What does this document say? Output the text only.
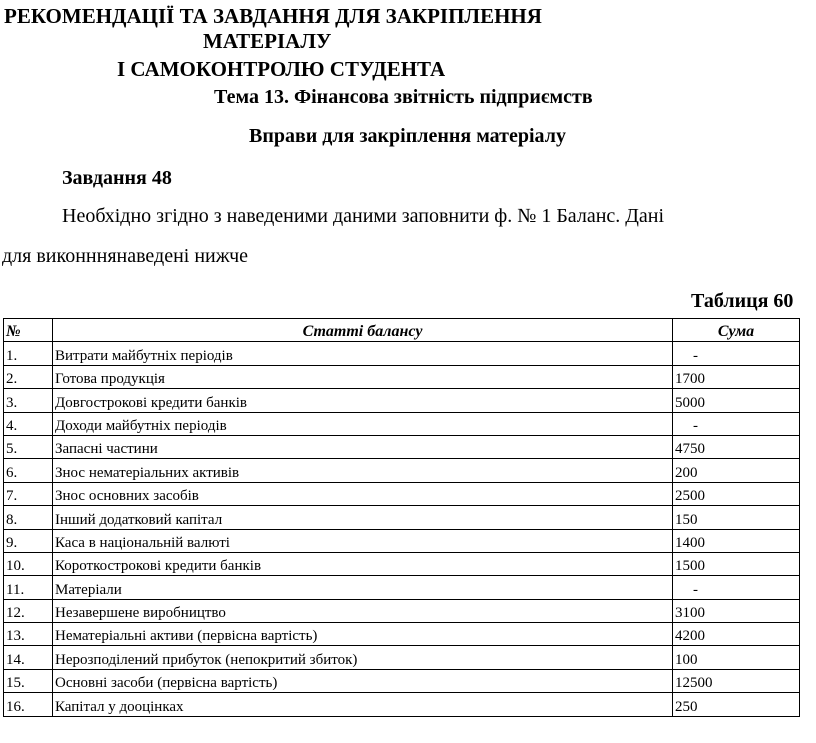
РЕКОМЕНДАЦІЇ ТА ЗАВДАННЯ ДЛЯ ЗАКРІПЛЕННЯ
МАТЕРІАЛУ
І САМОКОНТРОЛЮ СТУДЕНТА
Тема 13. Фінансова звітність підприємств
Вправи для закріплення матеріалу
Завдання 48
Необхідно згідно з наведеними даними заповнити ф. № 1 Баланс. Дані
для виконннянаведені нижче
Таблиця 60
№	Статті балансу	Сума
1.	Витрати майбутніх періодів	-
2.	Готова продукція	1700
3.	Довгострокові кредити банків	5000
4.	Доходи майбутніх періодів	-
5.	Запасні частини	4750
6.	Знос нематеріальних активів	200
7.	Знос основних засобів	2500
8.	Інший додатковий капітал	150
9.	Каса в національній валюті	1400
10.	Короткострокові кредити банків	1500
11.	Матеріали	-
12.	Незавершене виробництво	3100
13.	Нематеріальні активи (первісна вартість)	4200
14.	Нерозподілений прибуток (непокритий збиток)	100
15.	Основні засоби (первісна вартість)	12500
16.	Капітал у дооцінках	250
